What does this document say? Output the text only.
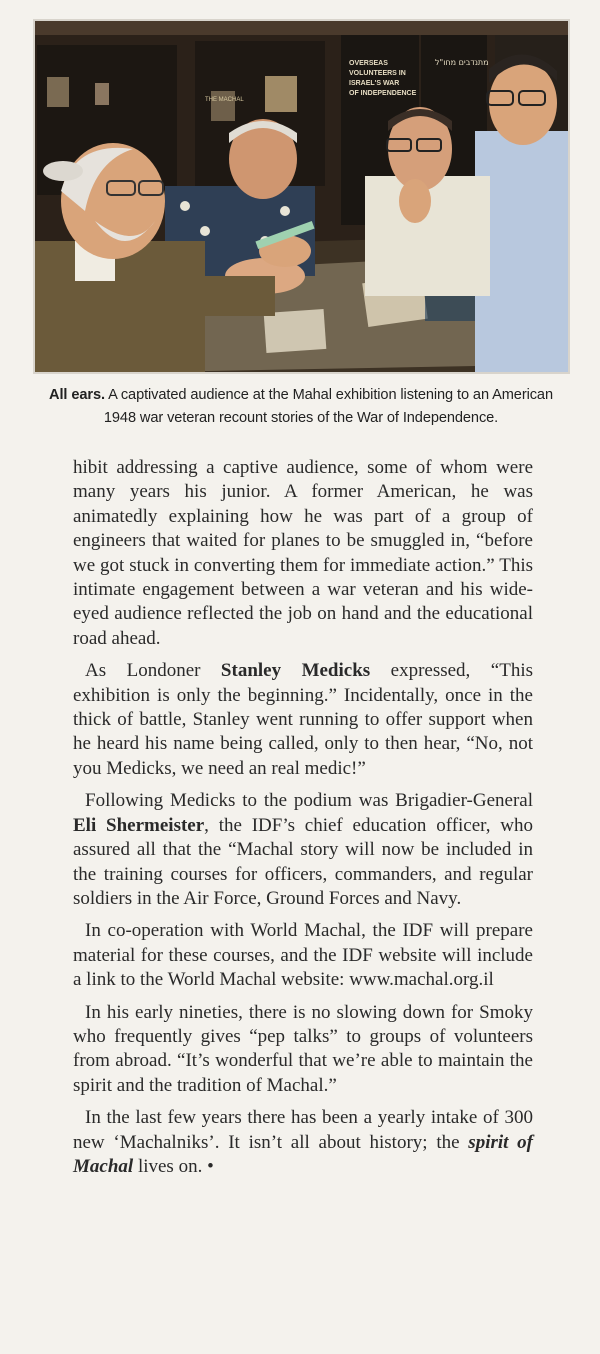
THE MACHAL
OVERSEAS VOLUNTEERS IN ISRAEL'S WAR OF INDEPENDENCE
מתנדבים מחו"ל
All ears. A captivated audience at the Mahal exhibition listening to an American 1948 war veteran recount stories of the War of Independence.

hibit addressing a captive audience, some of whom were many years his junior. A former American, he was animatedly explaining how he was part of a group of engineers that waited for planes to be smuggled in, “before we got stuck in converting them for immediate action.” This intimate engagement between a war veteran and his wide-eyed audience reflected the job on hand and the educational road ahead.

As Londoner Stanley Medicks expressed, “This exhibition is only the beginning.” Incidentally, once in the thick of battle, Stanley went running to offer support when he heard his name being called, only to then hear, “No, not you Medicks, we need an real medic!”

Following Medicks to the podium was Brigadier-General Eli Shermeister, the IDF’s chief education officer, who assured all that the “Machal story will now be included in the training courses for officers, commanders, and regular soldiers in the Air Force, Ground Forces and Navy.

In co-operation with World Machal, the IDF will prepare material for these courses, and the IDF website will include a link to the World Machal website: www.machal.org.il

In his early nineties, there is no slowing down for Smoky who frequently gives “pep talks” to groups of volunteers from abroad. “It’s wonderful that we’re able to maintain the spirit and the tradition of Machal.”

In the last few years there has been a yearly intake of 300 new ‘Machalniks’. It isn’t all about history; the spirit of Machal lives on. •
